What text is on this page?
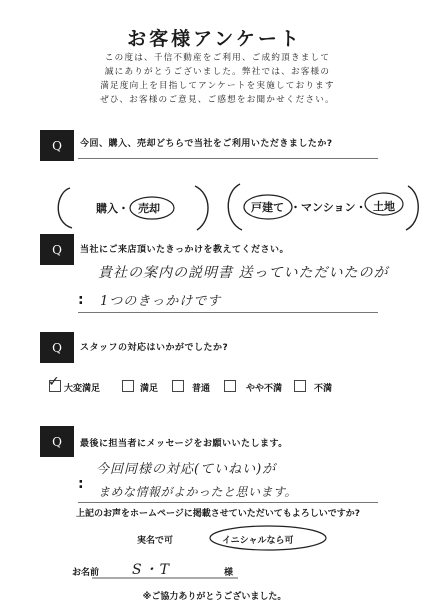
お客様アンケート
この度は、千信不動産をご利用、ご成約頂きまして
誠にありがとうございました。弊社では、お客様の
満足度向上を目指してアンケートを実施しております
ぜひ、お客様のご意見、ご感想をお聞かせください。
Q	今回、購入、売却どちらで当社をご利用いただきましたか?
購入・ 売却	戸建て ・マンション・ 土地
Q	当社にご来店頂いたきっかけを教えてください。
貴社の案内の説明書 送っていただいたのが
: 1つのきっかけです
Q	スタッフの対応はいかがでしたか?
✓ 大変満足	満足	普通	やや不満	不満
Q	最後に担当者にメッセージをお願いいたします。
今回同様の対応(ていねい)が
: まめな情報がよかったと思います。
上記のお声をホームページに掲載させていただいてもよろしいですか?
実名で可	イニシャルなら可
お名前 S・T	様
※ご協力ありがとうございました。
